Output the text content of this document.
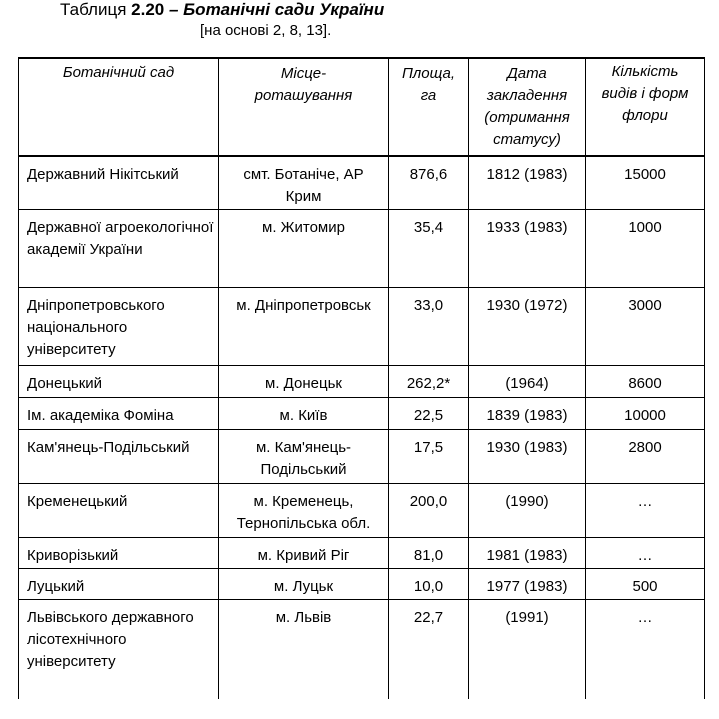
Таблиця 2.20 – Ботанічні сади України
[на основі 2, 8, 13].
Ботанічний сад	Місце-роташування	Площа, га	Дата закладення (отримання статусу)	Кількість видів і форм флори
Державний Нікітський	смт. Ботаніче, АР Крим	876,6	1812 (1983)	15000
Державної агроекологічної академії України	м. Житомир	35,4	1933 (1983)	1000
Дніпропетровського національного університету	м. Дніпропетровськ	33,0	1930 (1972)	3000
Донецький	м. Донецьк	262,2*	(1964)	8600
Ім. академіка Фоміна	м. Київ	22,5	1839 (1983)	10000
Кам'янець-Подільський	м. Кам'янець-Подільський	17,5	1930 (1983)	2800
Кременецький	м. Кременець, Тернопільська обл.	200,0	(1990)	…
Криворізький	м. Кривий Ріг	81,0	1981 (1983)	…
Луцький	м. Луцьк	10,0	1977 (1983)	500
Львівського державного лісотехнічного університету	м. Львів	22,7	(1991)	…
